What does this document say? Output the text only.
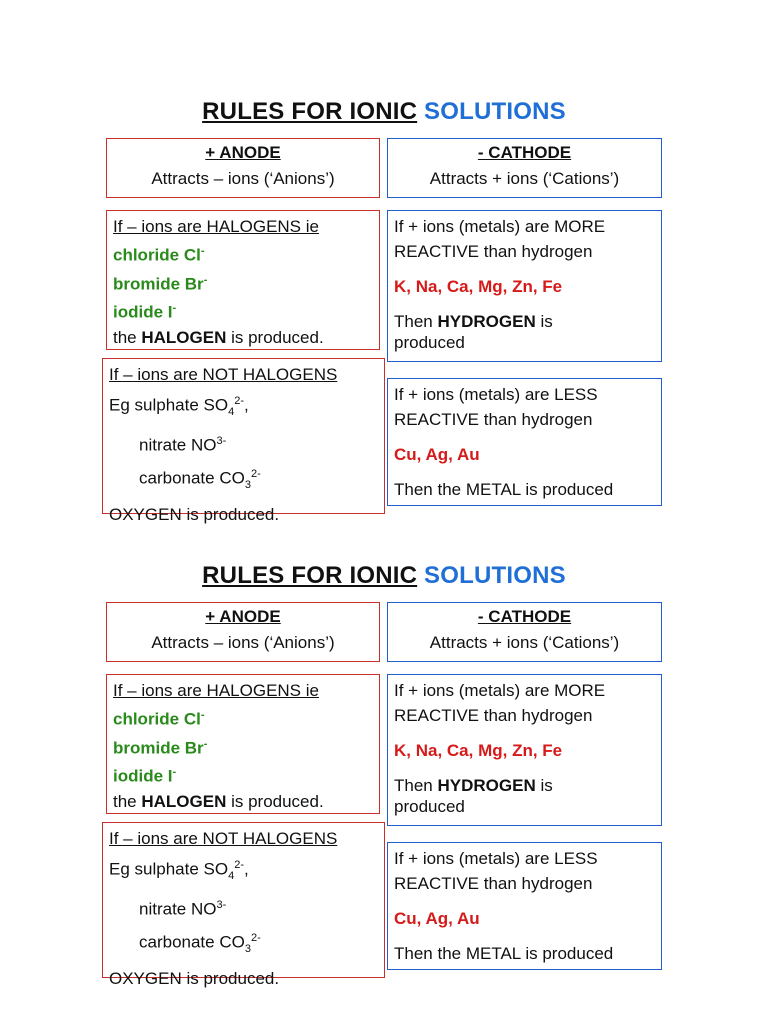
RULES FOR IONIC SOLUTIONS
+ ANODE
Attracts – ions (‘Anions’)
- CATHODE
Attracts + ions (‘Cations’)
If – ions are HALOGENS ie
chloride Cl-
bromide Br-
iodide I-
the HALOGEN is produced.
If + ions (metals) are MORE
REACTIVE than hydrogen
K, Na, Ca, Mg, Zn, Fe
Then HYDROGEN is
produced
If – ions are NOT HALOGENS
Eg sulphate $SO_4^{2-}$,
nitrate $NO^{3-}$
carbonate $CO_3^{2-}$
OXYGEN is produced.
If + ions (metals) are LESS
REACTIVE than hydrogen
Cu, Ag, Au
Then the METAL is produced
RULES FOR IONIC SOLUTIONS
+ ANODE
Attracts – ions (‘Anions’)
- CATHODE
Attracts + ions (‘Cations’)
If – ions are HALOGENS ie
chloride Cl-
bromide Br-
iodide I-
the HALOGEN is produced.
If + ions (metals) are MORE
REACTIVE than hydrogen
K, Na, Ca, Mg, Zn, Fe
Then HYDROGEN is
produced
If – ions are NOT HALOGENS
Eg sulphate $SO_4^{2-}$,
nitrate $NO^{3-}$
carbonate $CO_3^{2-}$
OXYGEN is produced.
If + ions (metals) are LESS
REACTIVE than hydrogen
Cu, Ag, Au
Then the METAL is produced
